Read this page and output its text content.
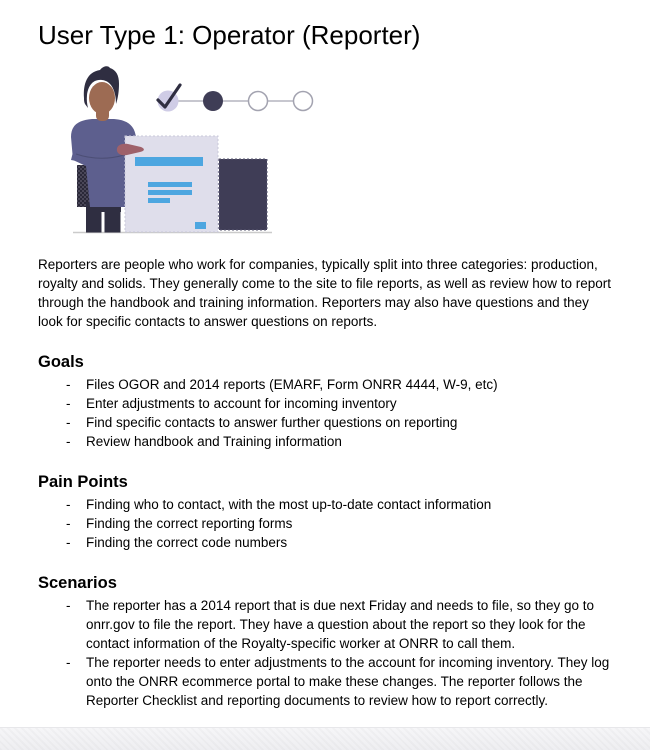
User Type 1: Operator (Reporter)

Reporters are people who work for companies, typically split into three categories: production, royalty and solids. They generally come to the site to file reports, as well as review how to report through the handbook and training information. Reporters may also have questions and they look for specific contacts to answer questions on reports.

Goals
-	Files OGOR and 2014 reports (EMARF, Form ONRR 4444, W-9, etc)
-	Enter adjustments to account for incoming inventory
-	Find specific contacts to answer further questions on reporting
-	Review handbook and Training information
Pain Points
-	Finding who to contact, with the most up-to-date contact information
-	Finding the correct reporting forms
-	Finding the correct code numbers
Scenarios
-	The reporter has a 2014 report that is due next Friday and needs to file, so they go to onrr.gov to file the report. They have a question about the report so they look for the contact information of the Royalty-specific worker at ONRR to call them.
-	The reporter needs to enter adjustments to the account for incoming inventory. They log onto the ONRR ecommerce portal to make these changes. The reporter follows the Reporter Checklist and reporting documents to review how to report correctly.
